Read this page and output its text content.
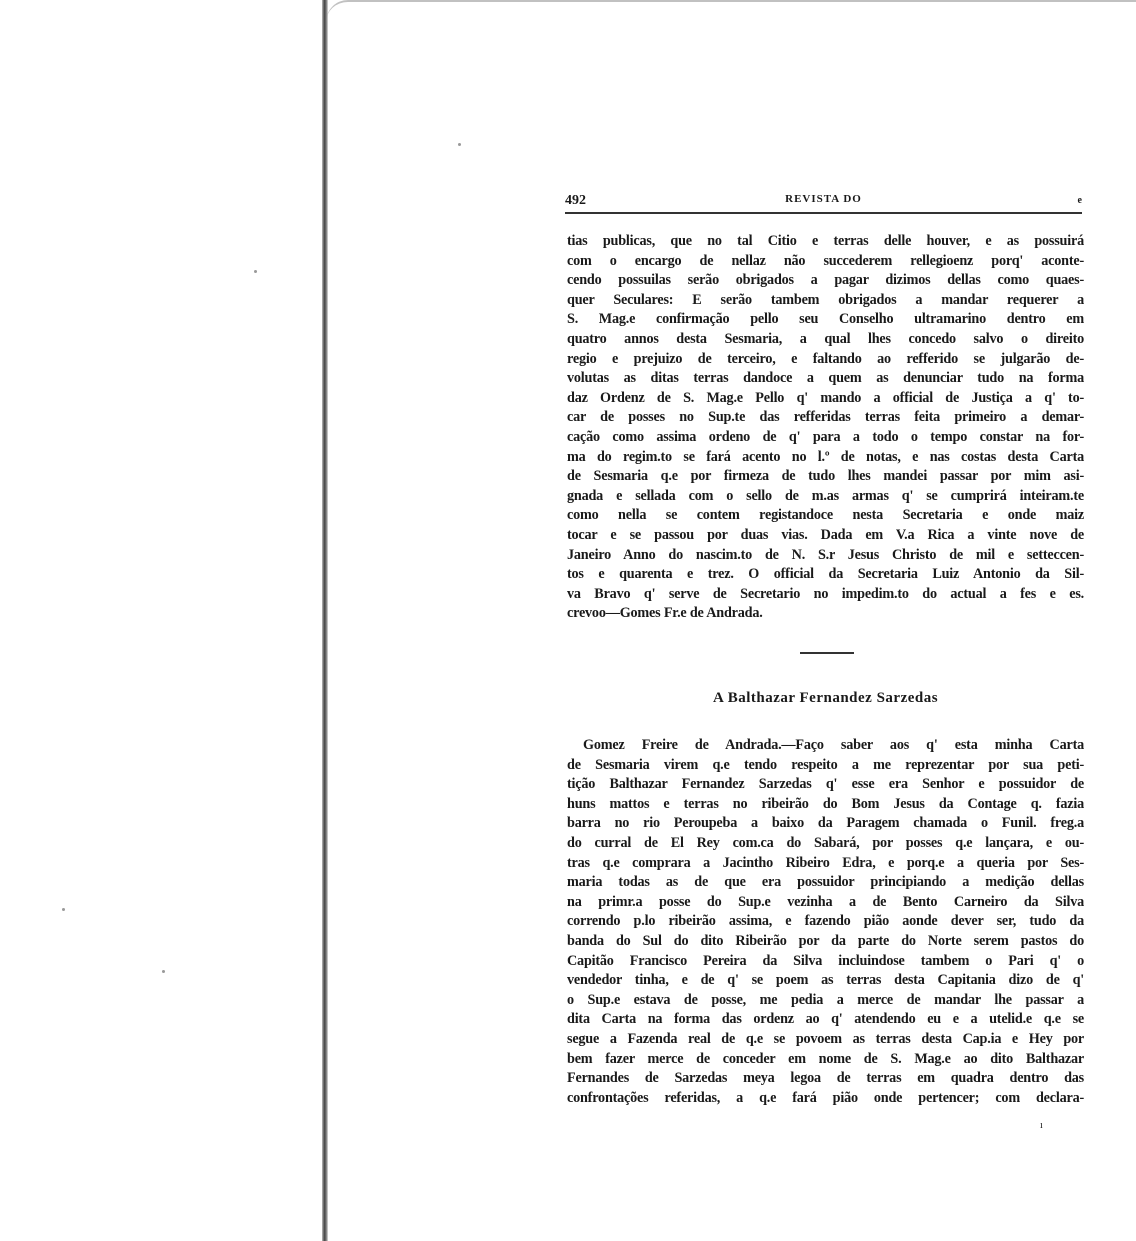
492	REVISTA DO	e
tias publicas, que no tal Citio e terras delle houver, e as possuirá
com o encargo de nellaz não succederem rellegioenz porq' aconte-
cendo possuilas serão obrigados a pagar dizimos dellas como quaes-
quer Seculares: E serão tambem obrigados a mandar requerer a
S. Mag.e confirmação pello seu Conselho ultramarino dentro em
quatro annos desta Sesmaria, a qual lhes concedo salvo o direito
regio e prejuizo de terceiro, e faltando ao refferido se julgarão de-
volutas as ditas terras dandoce a quem as denunciar tudo na forma
daz Ordenz de S. Mag.e Pello q' mando a official de Justiça a q' to-
car de posses no Sup.te das refferidas terras feita primeiro a demar-
cação como assima ordeno de q' para a todo o tempo constar na for-
ma do regim.to se fará acento no l.º de notas, e nas costas desta Carta
de Sesmaria q.e por firmeza de tudo lhes mandei passar por mim asi-
gnada e sellada com o sello de m.as armas q' se cumprirá inteiram.te
como nella se contem registandoce nesta Secretaria e onde maiz
tocar e se passou por duas vias. Dada em V.a Rica a vinte nove de
Janeiro Anno do nascim.to de N. S.r Jesus Christo de mil e setteccen-
tos e quarenta e trez. O official da Secretaria Luiz Antonio da Sil-
va Bravo q' serve de Secretario no impedim.to do actual a fes e es.
crevoo—Gomes Fr.e de Andrada.
A Balthazar Fernandez Sarzedas
Gomez Freire de Andrada.—Faço saber aos q' esta minha Carta
de Sesmaria virem q.e tendo respeito a me reprezentar por sua peti-
tição Balthazar Fernandez Sarzedas q' esse era Senhor e possuidor de
huns mattos e terras no ribeirão do Bom Jesus da Contage q. fazia
barra no rio Peroupeba a baixo da Paragem chamada o Funil. freg.a
do curral de El Rey com.ca do Sabará, por posses q.e lançara, e ou-
tras q.e comprara a Jacintho Ribeiro Edra, e porq.e a queria por Ses-
maria todas as de que era possuidor principiando a medição dellas
na primr.a posse do Sup.e vezinha a de Bento Carneiro da Silva
correndo p.lo ribeirão assima, e fazendo pião aonde dever ser, tudo da
banda do Sul do dito Ribeirão por da parte do Norte serem pastos do
Capitão Francisco Pereira da Silva incluindose tambem o Pari q' o
vendedor tinha, e de q' se poem as terras desta Capitania dizo de q'
o Sup.e estava de posse, me pedia a merce de mandar lhe passar a
dita Carta na forma das ordenz ao q' atendendo eu e a utelid.e q.e se
segue a Fazenda real de q.e se povoem as terras desta Cap.ia e Hey por
bem fazer merce de conceder em nome de S. Mag.e ao dito Balthazar
Fernandes de Sarzedas meya legoa de terras em quadra dentro das
confrontações referidas, a q.e fará pião onde pertencer; com declara-
ı
